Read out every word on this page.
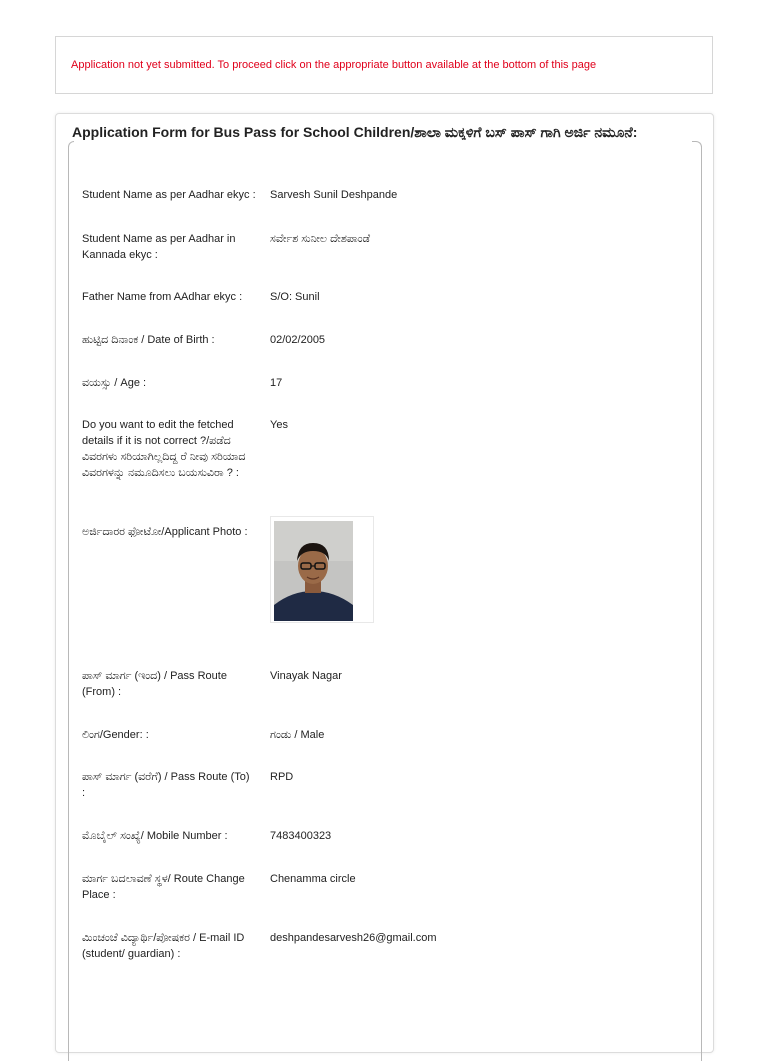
Application not yet submitted. To proceed click on the appropriate button available at the bottom of this page
Application Form for Bus Pass for School Children/ಶಾಲಾ ಮಕ್ಕಳಿಗೆ ಬಸ್ ಪಾಸ್ ಗಾಗಿ ಅರ್ಜಿ ನಮೂನೆ:
Student Name as per Aadhar ekyc :	Sarvesh Sunil Deshpande
Student Name as per Aadhar in Kannada ekyc :
ಸರ್ವೇಶ ಸುನೀಲ ದೇಶಪಾಂಡೆ
Father Name from AAdhar ekyc :	S/O: Sunil
ಹುಟ್ಟಿದ ದಿನಾಂಕ / Date of Birth :	02/02/2005
ವಯಸ್ಸು / Age :	17
Do you want to edit the fetched details if it is not correct ?/ಪಡೆದ ವಿವರಗಳು ಸರಿಯಾಗಿಲ್ಲದಿದ್ದ ರೆ ನೀವು ಸರಿಯಾದ ವಿವರಗಳನ್ನು ನಮೂದಿಸಲು ಬಯಸುವಿರಾ ? :
Yes
ಅರ್ಜಿದಾರರ ಫೋಟೋ/Applicant Photo :
ಪಾಸ್ ಮಾರ್ಗ (ಇಂದ) / Pass Route (From) :
Vinayak Nagar
ಲಿಂಗ/Gender: :	ಗಂಡು / Male
ಪಾಸ್ ಮಾರ್ಗ (ವರೆಗೆ) / Pass Route (To) :
RPD
ಮೊಬೈಲ್ ಸಂಖ್ಯೆ/ Mobile Number :	7483400323
ಮಾರ್ಗ ಬದಲಾವಣೆ ಸ್ಥಳ/ Route Change Place :
Chenamma circle
ಮಿಂಚಂಚೆ ವಿದ್ಯಾರ್ಥಿ/ಪೋಷಕರ / E-mail ID (student/ guardian) :
deshpandesarvesh26@gmail.com
